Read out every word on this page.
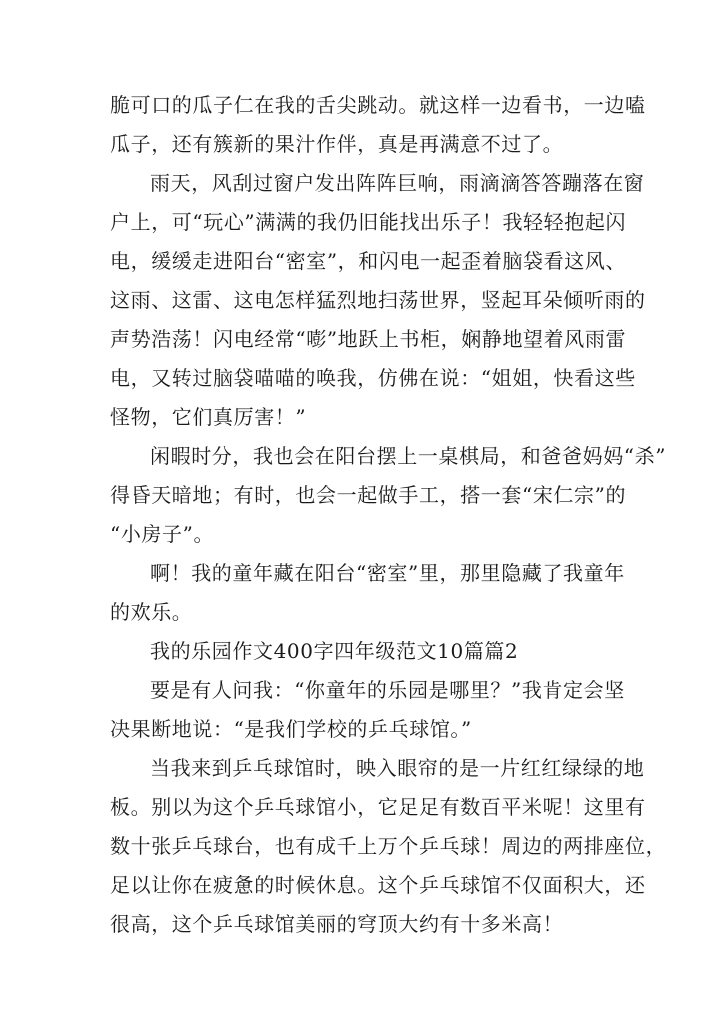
脆可口的瓜子仁在我的舌尖跳动。就这样一边看书，一边嗑
瓜子，还有簇新的果汁作伴，真是再满意不过了。
雨天，风刮过窗户发出阵阵巨响，雨滴滴答答蹦落在窗
户上，可“玩心”满满的我仍旧能找出乐子！我轻轻抱起闪
电，缓缓走进阳台“密室”，和闪电一起歪着脑袋看这风、
这雨、这雷、这电怎样猛烈地扫荡世界，竖起耳朵倾听雨的
声势浩荡！闪电经常“嘭”地跃上书柜，娴静地望着风雨雷
电，又转过脑袋喵喵的唤我，仿佛在说：“姐姐，快看这些
怪物，它们真厉害！”
闲暇时分，我也会在阳台摆上一桌棋局，和爸爸妈妈“杀”
得昏天暗地；有时，也会一起做手工，搭一套“宋仁宗”的
“小房子”。
啊！我的童年藏在阳台“密室”里，那里隐藏了我童年
的欢乐。
我的乐园作文400字四年级范文10篇篇2
要是有人问我：“你童年的乐园是哪里？”我肯定会坚
决果断地说：“是我们学校的乒乓球馆。”
当我来到乒乓球馆时，映入眼帘的是一片红红绿绿的地
板。别以为这个乒乓球馆小，它足足有数百平米呢！这里有
数十张乒乓球台，也有成千上万个乒乓球！周边的两排座位，
足以让你在疲惫的时候休息。这个乒乓球馆不仅面积大，还
很高，这个乒乓球馆美丽的穹顶大约有十多米高！
